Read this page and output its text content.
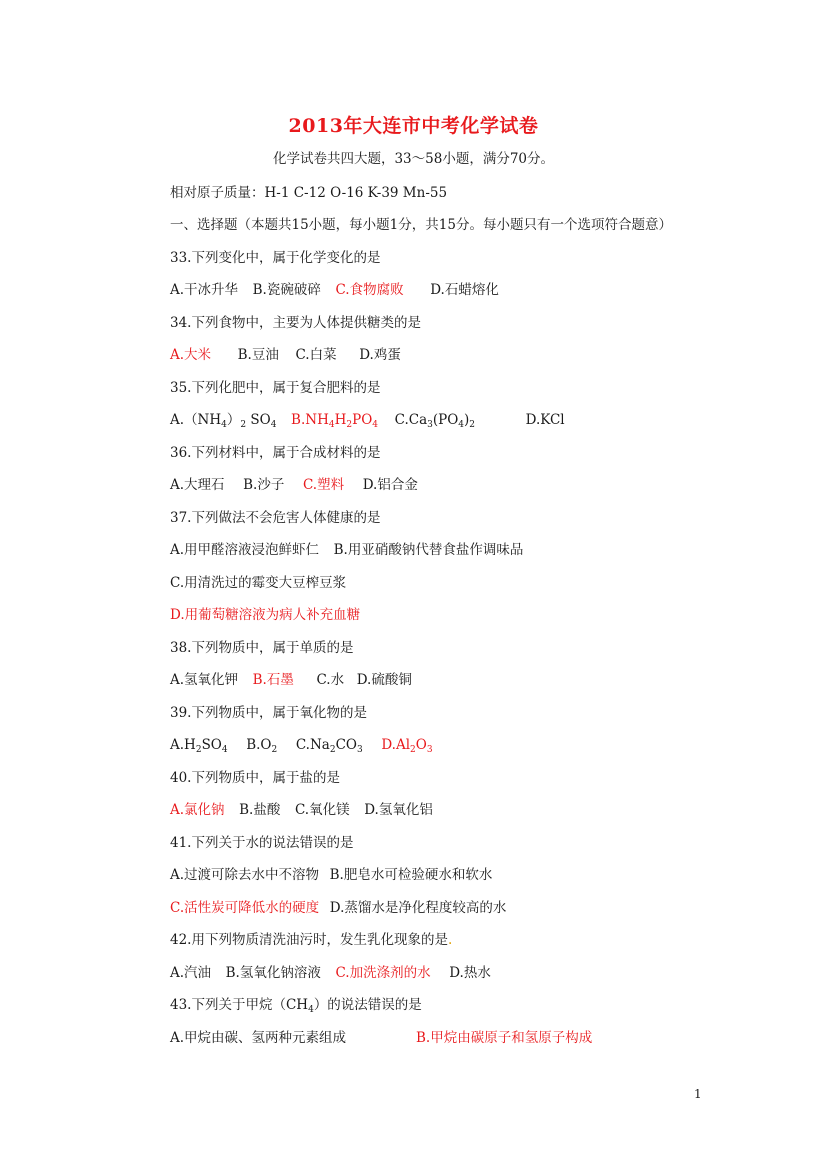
2013年大连市中考化学试卷
化学试卷共四大题，33～58小题，满分70分。
相对原子质量：H-1 C-12 O-16 K-39 Mn-55
一、选择题（本题共15小题，每小题1分，共15分。每小题只有一个选项符合题意）
33.下列变化中，属于化学变化的是
A.干冰升华 B.瓷碗破碎 C.食物腐败 D.石蜡熔化
34.下列食物中，主要为人体提供糖类的是
A.大米 B.豆油 C.白菜 D.鸡蛋
35.下列化肥中，属于复合肥料的是
$A.(NH_4)_2$ $SO_4$ $B.NH_4H_2PO_4$ $C.Ca_3(PO_4)_2$	D.KCl
36.下列材料中，属于合成材料的是
A.大理石 B.沙子 C.塑料 D.铝合金
37.下列做法不会危害人体健康的是
A.用甲醛溶液浸泡鲜虾仁 B.用亚硝酸钠代替食盐作调味品
C.用清洗过的霉变大豆榨豆浆
D.用葡萄糖溶液为病人补充血糖
38.下列物质中，属于单质的是
A.氢氧化钾 B.石墨 C.水 D.硫酸铜
39.下列物质中，属于氧化物的是
$A.H_2SO_4$ $B.O_2$ $C.Na_2CO_3$ $D.Al_2O_3$
40.下列物质中，属于盐的是
A.氯化钠 B.盐酸 C.氧化镁 D.氢氧化铝
41.下列关于水的说法错误的是
A.过渡可除去水中不溶物 B.肥皂水可检验硬水和软水
C.活性炭可降低水的硬度 D.蒸馏水是净化程度较高的水
42.用下列物质清洗油污时，发生乳化现象的是.
A.汽油 B.氢氧化钠溶液 C.加洗涤剂的水 D.热水
43.下列关于甲烷$(CH_4)$的说法错误的是
A.甲烷由碳、氢两种元素组成	B.甲烷由碳原子和氢原子构成
1
